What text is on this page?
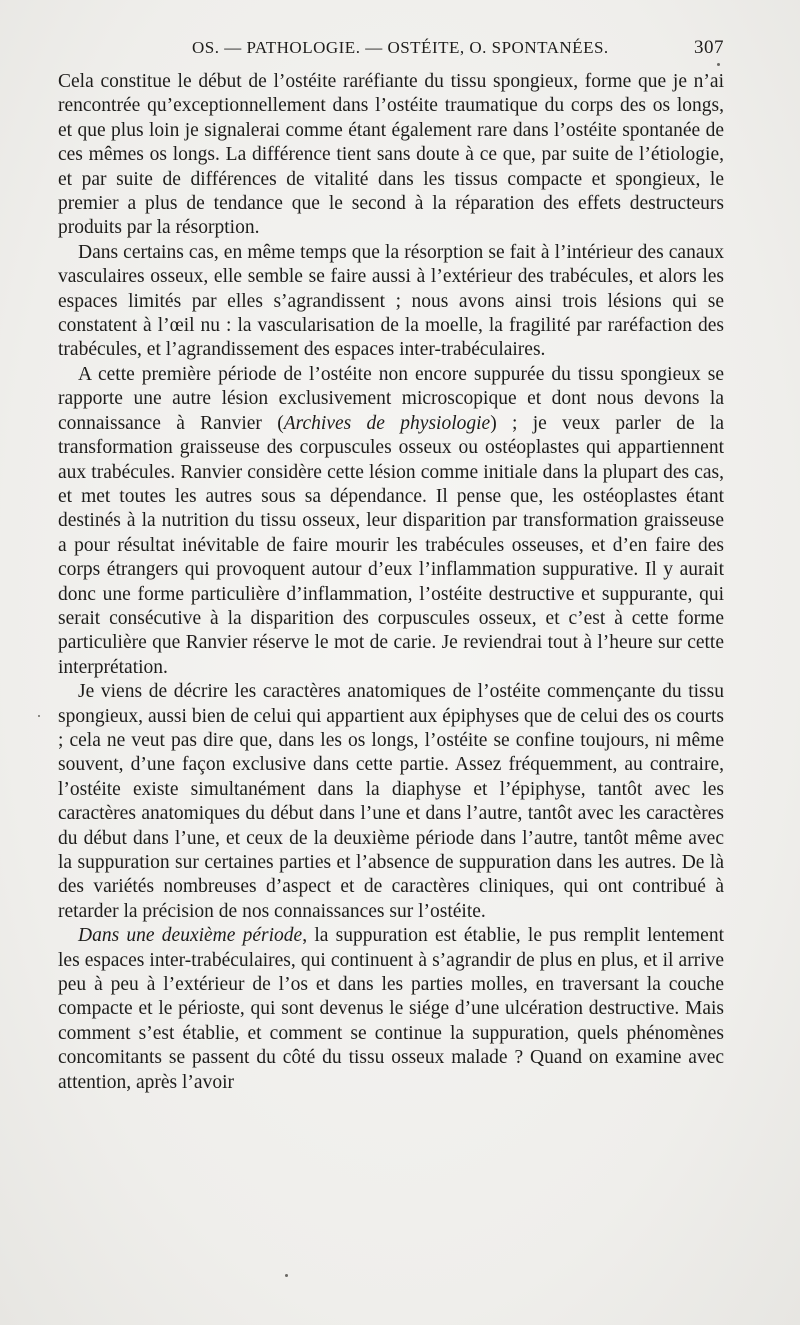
OS. — PATHOLOGIE. — OSTÉITE, O. SPONTANÉES.	307

Cela constitue le début de l’ostéite raréfiante du tissu spongieux, forme que je n’ai rencontrée qu’exceptionnellement dans l’ostéite traumatique du corps des os longs, et que plus loin je signalerai comme étant également rare dans l’ostéite spontanée de ces mêmes os longs. La différence tient sans doute à ce que, par suite de l’étiologie, et par suite de différences de vitalité dans les tissus compacte et spongieux, le premier a plus de tendance que le second à la réparation des effets destructeurs produits par la résorption.

Dans certains cas, en même temps que la résorption se fait à l’intérieur des canaux vasculaires osseux, elle semble se faire aussi à l’extérieur des trabécules, et alors les espaces limités par elles s’agrandissent ; nous avons ainsi trois lésions qui se constatent à l’œil nu : la vascularisation de la moelle, la fragilité par raréfaction des trabécules, et l’agrandissement des espaces inter-trabéculaires.

A cette première période de l’ostéite non encore suppurée du tissu spongieux se rapporte une autre lésion exclusivement microscopique et dont nous devons la connaissance à Ranvier (Archives de physiologie) ; je veux parler de la transformation graisseuse des corpuscules osseux ou ostéoplastes qui appartiennent aux trabécules. Ranvier considère cette lésion comme initiale dans la plupart des cas, et met toutes les autres sous sa dépendance. Il pense que, les ostéoplastes étant destinés à la nutrition du tissu osseux, leur disparition par transformation graisseuse a pour résultat inévitable de faire mourir les trabécules osseuses, et d’en faire des corps étrangers qui provoquent autour d’eux l’inflammation suppurative. Il y aurait donc une forme particulière d’inflammation, l’ostéite destructive et suppurante, qui serait consécutive à la disparition des corpuscules osseux, et c’est à cette forme particulière que Ranvier réserve le mot de carie. Je reviendrai tout à l’heure sur cette interprétation.

Je viens de décrire les caractères anatomiques de l’ostéite commençante du tissu spongieux, aussi bien de celui qui appartient aux épiphyses que de celui des os courts ; cela ne veut pas dire que, dans les os longs, l’ostéite se confine toujours, ni même souvent, d’une façon exclusive dans cette partie. Assez fréquemment, au contraire, l’ostéite existe simultanément dans la diaphyse et l’épiphyse, tantôt avec les caractères anatomiques du début dans l’une et dans l’autre, tantôt avec les caractères du début dans l’une, et ceux de la deuxième période dans l’autre, tantôt même avec la suppuration sur certaines parties et l’absence de suppuration dans les autres. De là des variétés nombreuses d’aspect et de caractères cliniques, qui ont contribué à retarder la précision de nos connaissances sur l’ostéite.

Dans une deuxième période, la suppuration est établie, le pus remplit lentement les espaces inter-trabéculaires, qui continuent à s’agrandir de plus en plus, et il arrive peu à peu à l’extérieur de l’os et dans les parties molles, en traversant la couche compacte et le périoste, qui sont devenus le siége d’une ulcération destructive. Mais comment s’est établie, et comment se continue la suppuration, quels phénomènes concomitants se passent du côté du tissu osseux malade ? Quand on examine avec attention, après l’avoir
